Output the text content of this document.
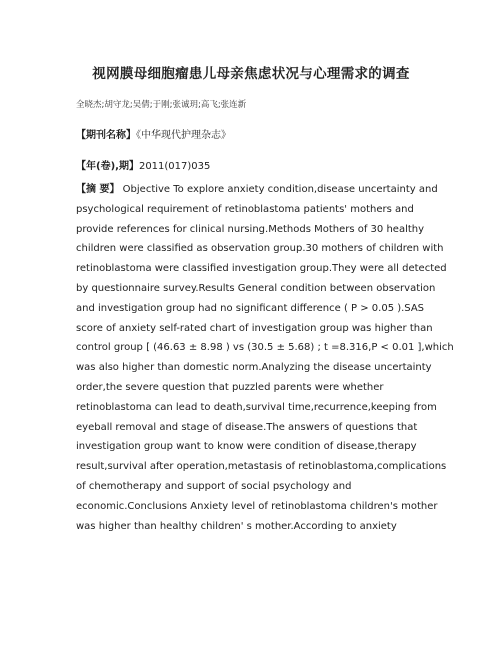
视网膜母细胞瘤患儿母亲焦虑状况与心理需求的调查
全晓杰;胡守龙;吴倩;于刚;张诚玥;高飞;张连新
【期刊名称】《中华现代护理杂志》
【年(卷),期】2011(017)035
【摘 要】 Objective To explore anxiety condition,disease uncertainty and
psychological requirement of retinoblastoma patients' mothers and
provide references for clinical nursing.Methods Mothers of 30 healthy
children were classified as observation group.30 mothers of children with
retinoblastoma were classified investigation group.They were all detected
by questionnaire survey.Results General condition between observation
and investigation group had no significant difference ( P > 0.05 ).SAS
score of anxiety self-rated chart of investigation group was higher than
control group [ (46.63 ± 8.98 ) vs (30.5 ± 5.68) ; t =8.316,P < 0.01 ],which
was also higher than domestic norm.Analyzing the disease uncertainty
order,the severe question that puzzled parents were whether
retinoblastoma can lead to death,survival time,recurrence,keeping from
eyeball removal and stage of disease.The answers of questions that
investigation group want to know were condition of disease,therapy
result,survival after operation,metastasis of retinoblastoma,complications
of chemotherapy and support of social psychology and
economic.Conclusions Anxiety level of retinoblastoma children's mother
was higher than healthy children' s mother.According to anxiety
